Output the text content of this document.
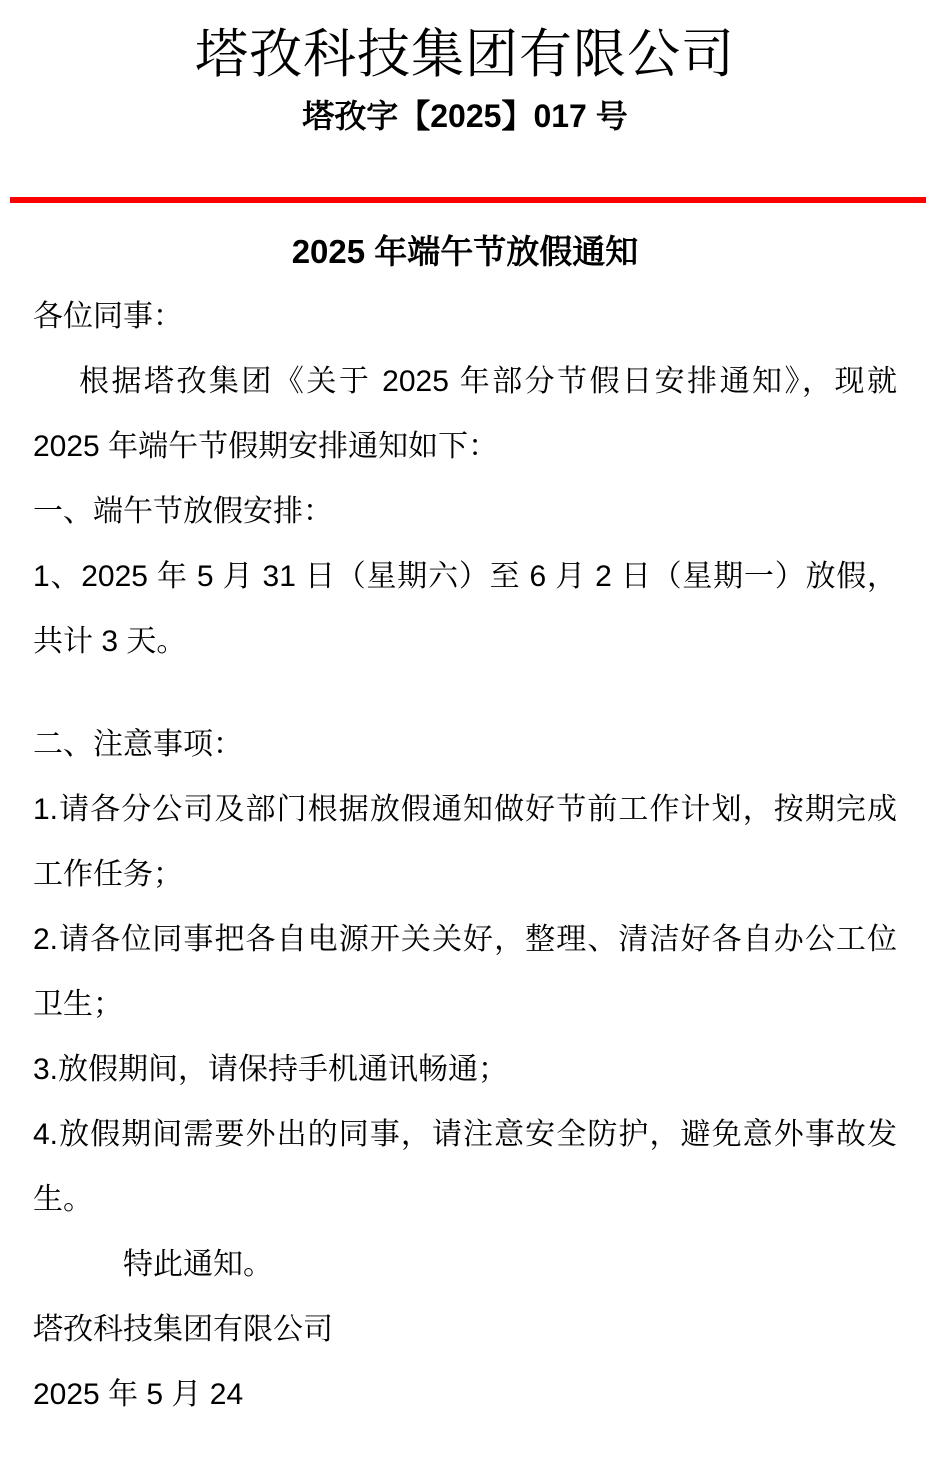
塔孜科技集团有限公司
塔孜字【2025】017 号
2025 年端午节放假通知

各位同事：

根据塔孜集团《关于 2025 年部分节假日安排通知》，现就 2025 年端午节假期安排通知如下：

一、端午节放假安排：

1、2025 年 5 月 31 日（星期六）至 6 月 2 日（星期一）放假，共计 3 天。

二、注意事项：

1.请各分公司及部门根据放假通知做好节前工作计划，按期完成工作任务；

2.请各位同事把各自电源开关关好，整理、清洁好各自办公工位卫生；

3.放假期间，请保持手机通讯畅通；

4.放假期间需要外出的同事，请注意安全防护，避免意外事故发生。

特此通知。

塔孜科技集团有限公司

2025 年 5 月 24
